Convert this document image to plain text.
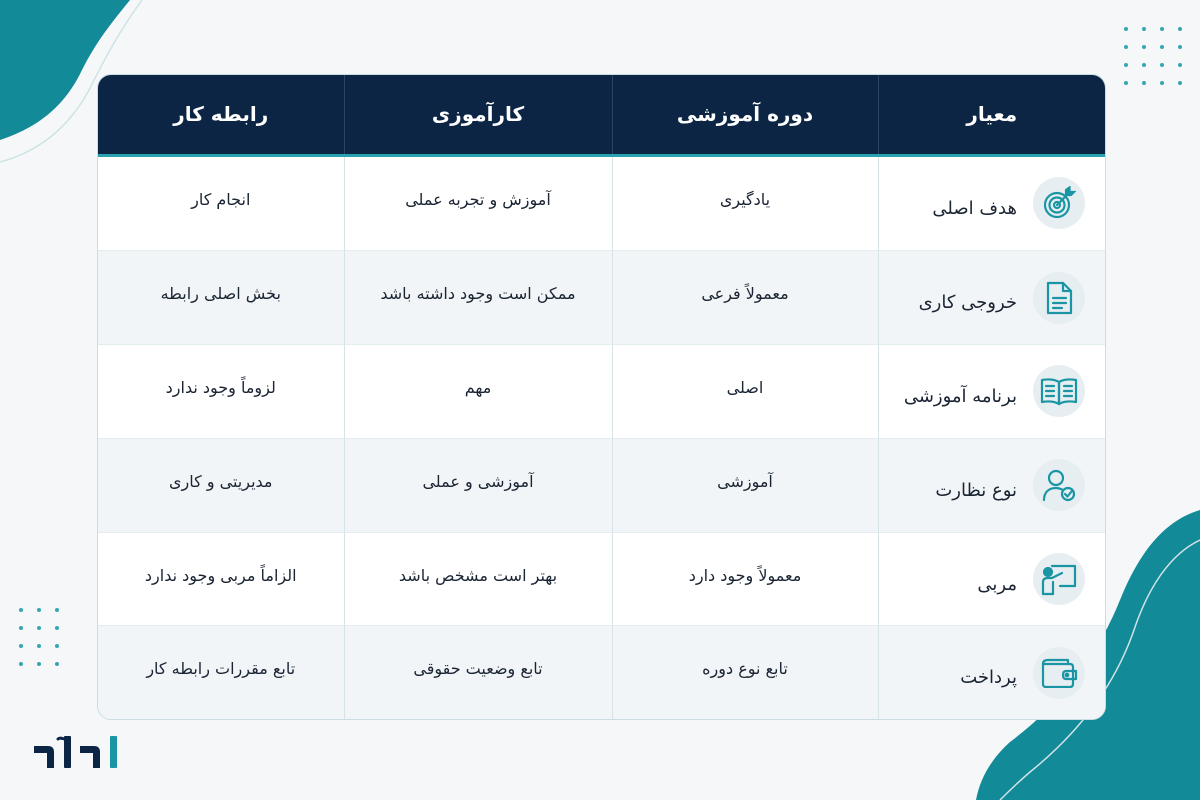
معیار	دوره آموزشی	کارآموزی	رابطه کار

هدف اصلی	یادگیری	آموزش و تجربه عملی	انجام کار

خروجی کاری	معمولاً فرعی	ممکن است وجود داشته باشد	بخش اصلی رابطه

برنامه آموزشی	اصلی	مهم	لزوماً وجود ندارد

نوع نظارت	آموزشی	آموزشی و عملی	مدیریتی و کاری

مربی	معمولاً وجود دارد	بهتر است مشخص باشد	الزاماً مربی وجود ندارد

پرداخت	تابع نوع دوره	تابع وضعیت حقوقی	تابع مقررات رابطه کار
